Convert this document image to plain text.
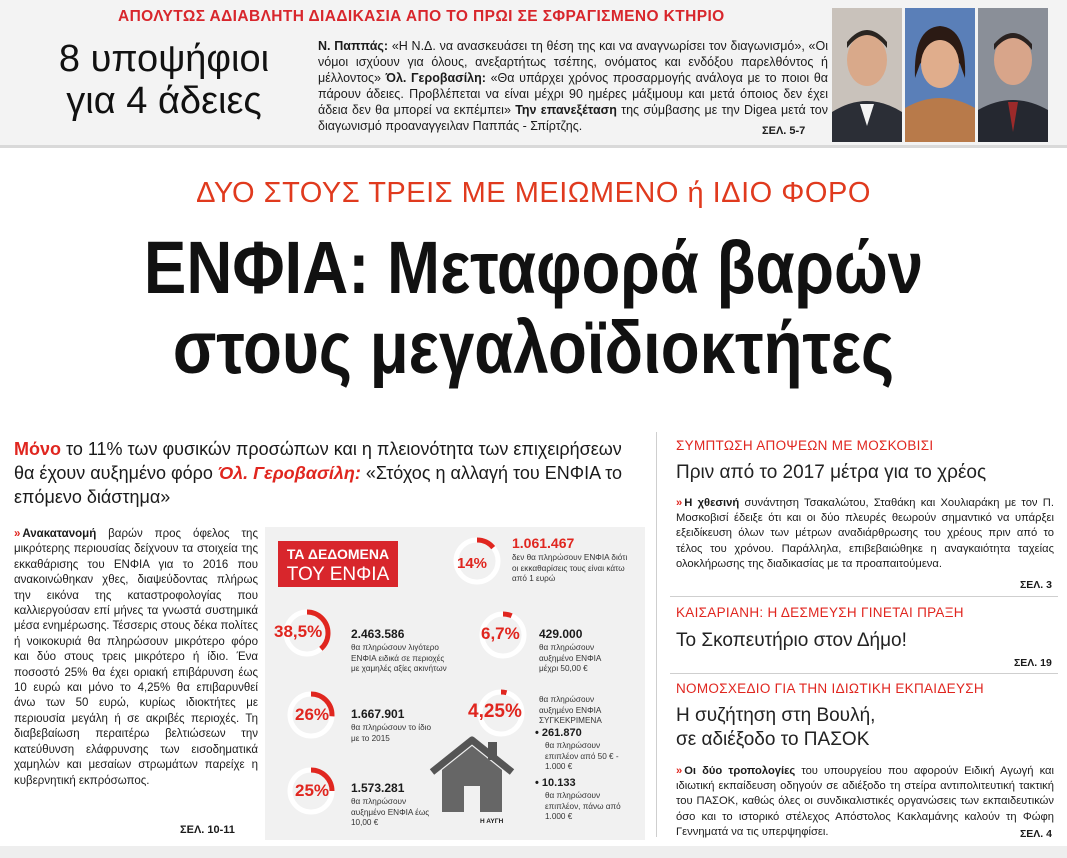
ΑΠΟΛΥΤΩΣ ΑΔΙΑΒΛΗΤΗ ΔΙΑΔΙΚΑΣΙΑ ΑΠΟ ΤΟ ΠΡΩΙ ΣΕ ΣΦΡΑΓΙΣΜΕΝΟ ΚΤΗΡΙΟ
8 υποψήφιοι
για 4 άδειες
Ν. Παππάς: «Η Ν.Δ. να ανασκευάσει τη θέση της και να αναγνωρίσει τον διαγωνισμό», «Οι νόμοι ισχύουν για όλους, ανεξαρτήτως τσέπης, ονόματος και ενδόξου παρελθόντος ή μέλλοντος» Όλ. Γεροβασίλη: «Θα υπάρχει χρόνος προσαρμογής ανάλογα με το ποιοι θα πάρουν άδειες. Προβλέπεται να είναι μέχρι 90 ημέρες μάξιμουμ και μετά όποιος δεν έχει άδεια δεν θα μπορεί να εκπέμπει» Την επανεξέταση της σύμβασης με την Digea μετά τον διαγωνισμό προαναγγειλαν Παππάς - Σπίρτζης.	ΣΕΛ. 5-7
ΔΥΟ ΣΤΟΥΣ ΤΡΕΙΣ ΜΕ ΜΕΙΩΜΕΝΟ ή ΙΔΙΟ ΦΟΡΟ
ΕΝΦΙΑ: Μεταφορά βαρών
στους μεγαλοϊδιοκτήτες
Μόνο το 11% των φυσικών προσώπων και η πλειονότητα των επιχειρήσεων θα έχουν αυξημένο φόρο Όλ. Γεροβασίλη: «Στόχος η αλλαγή του ΕΝΦΙΑ το επόμενο διάστημα»
» Ανακατανομή βαρών προς όφελος της μικρότερης περιουσίας δείχνουν τα στοιχεία της εκκαθάρισης του ΕΝΦΙΑ για το 2016 που ανακοινώθηκαν χθες, διαψεύδοντας πλήρως την εικόνα της καταστροφολογίας που καλλιεργούσαν επί μήνες τα γνωστά συστημικά μέσα ενημέρωσης. Τέσσερις στους δέκα πολίτες ή νοικοκυριά θα πληρώσουν μικρότερο φόρο και δύο στους τρεις μικρότερο ή ίδιο. Ένα ποσοστό 25% θα έχει οριακή επιβάρυνση έως 10 ευρώ και μόνο το 4,25% θα επιβαρυνθεί άνω των 50 ευρώ, κυρίως ιδιοκτήτες με περιουσία μεγάλη ή σε ακριβές περιοχές. Τη διαβεβαίωση περαιτέρω βελτιώσεων την κατεύθυνση ελάφρυνσης των εισοδηματικά χαμηλών και μεσαίων στρωμάτων παρείχε η κυβερνητική εκπρόσωπος.
ΣΕΛ. 10-11
ΤΑ ΔΕΔΟΜΕΝΑ
ΤΟΥ ΕΝΦΙΑ
14%
1.061.467
δεν θα πληρώσουν ΕΝΦΙΑ διότι οι εκκαθαρίσεις τους είναι κάτω από 1 ευρώ
38,5% 2.463.586
θα πληρώσουν λιγότερο ΕΝΦΙΑ ειδικά σε περιοχές με χαμηλές αξίες ακινήτων
6,7% 429.000
θα πληρώσουν αυξημένο ΕΝΦΙΑ μέχρι 50,00 €
26% 1.667.901
θα πληρώσουν το ίδιο με το 2015
4,25%
θα πληρώσουν αυξημένο ΕΝΦΙΑ ΣΥΓΚΕΚΡΙΜΕΝΑ
• 261.870
θα πληρώσουν επιπλέον από 50 € - 1.000 €
• 10.133
θα πληρώσουν επιπλέον, πάνω από 1.000 €
25% 1.573.281
θα πληρώσουν αυξημένο ΕΝΦΙΑ έως 10,00 €	Η ΑΥΓΗ
ΣΥΜΠΤΩΣΗ ΑΠΟΨΕΩΝ ΜΕ ΜΟΣΚΟΒΙΣΙ
Πριν από το 2017 μέτρα για το χρέος
» Η χθεσινή συνάντηση Τσακαλώτου, Σταθάκη και Χουλιαράκη με τον Π. Μοσκοβισί έδειξε ότι και οι δύο πλευρές θεωρούν σημαντικό να υπάρξει εξειδίκευση όλων των μέτρων αναδιάρθρωσης του χρέους πριν από το τέλος του χρόνου. Παράλληλα, επιβεβαιώθηκε η αναγκαιότητα ταχείας ολοκλήρωσης της διαδικασίας με τα προαπαιτούμενα.
ΣΕΛ. 3
ΚΑΙΣΑΡΙΑΝΗ: Η ΔΕΣΜΕΥΣΗ ΓΙΝΕΤΑΙ ΠΡΑΞΗ
Το Σκοπευτήριο στον Δήμο!
ΣΕΛ. 19
ΝΟΜΟΣΧΕΔΙΟ ΓΙΑ ΤΗΝ ΙΔΙΩΤΙΚΗ ΕΚΠΑΙΔΕΥΣΗ
Η συζήτηση στη Βουλή,
σε αδιέξοδο το ΠΑΣΟΚ
» Οι δύο τροπολογίες του υπουργείου που αφορούν Ειδική Αγωγή και ιδιωτική εκπαίδευση οδηγούν σε αδιέξοδο τη στείρα αντιπολιτευτική τακτική του ΠΑΣΟΚ, καθώς όλες οι συνδικαλιστικές οργανώσεις των εκπαιδευτικών όσο και το ιστορικό στέλεχος Απόστολος Κακλαμάνης καλούν τη Φώφη Γεννηματά να τις υπερψηφίσει.	ΣΕΛ. 4
